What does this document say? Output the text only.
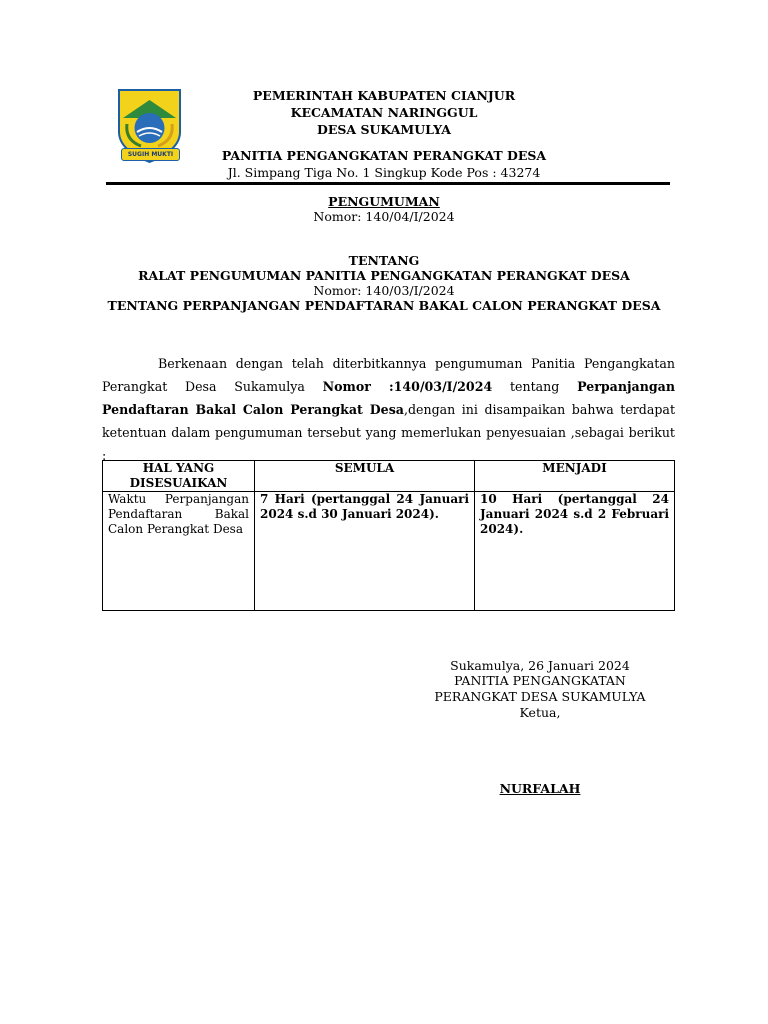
SUGIH MUKTI
PEMERINTAH KABUPATEN CIANJUR
KECAMATAN NARINGGUL
DESA SUKAMULYA
PANITIA PENGANGKATAN PERANGKAT DESA
Jl. Simpang Tiga No. 1 Singkup Kode Pos : 43274
PENGUMUMAN
Nomor: 140/04/I/2024
TENTANG
RALAT PENGUMUMAN PANITIA PENGANGKATAN PERANGKAT DESA
Nomor: 140/03/I/2024
TENTANG PERPANJANGAN PENDAFTARAN BAKAL CALON PERANGKAT DESA
Berkenaan dengan telah diterbitkannya pengumuman Panitia Pengangkatan Perangkat Desa Sukamulya Nomor :140/03/I/2024 tentang Perpanjangan Pendaftaran Bakal Calon Perangkat Desa,dengan ini disampaikan bahwa terdapat ketentuan dalam pengumuman tersebut yang memerlukan penyesuaian ,sebagai berikut :
HAL YANG DISESUAIKAN	SEMULA	MENJADI
Waktu Perpanjangan Pendaftaran Bakal Calon Perangkat Desa	7 Hari (pertanggal 24 Januari 2024 s.d 30 Januari 2024).	10 Hari (pertanggal 24 Januari 2024 s.d 2 Februari 2024).
Sukamulya, 26 Januari 2024
PANITIA PENGANGKATAN
PERANGKAT DESA SUKAMULYA
Ketua,
NURFALAH
